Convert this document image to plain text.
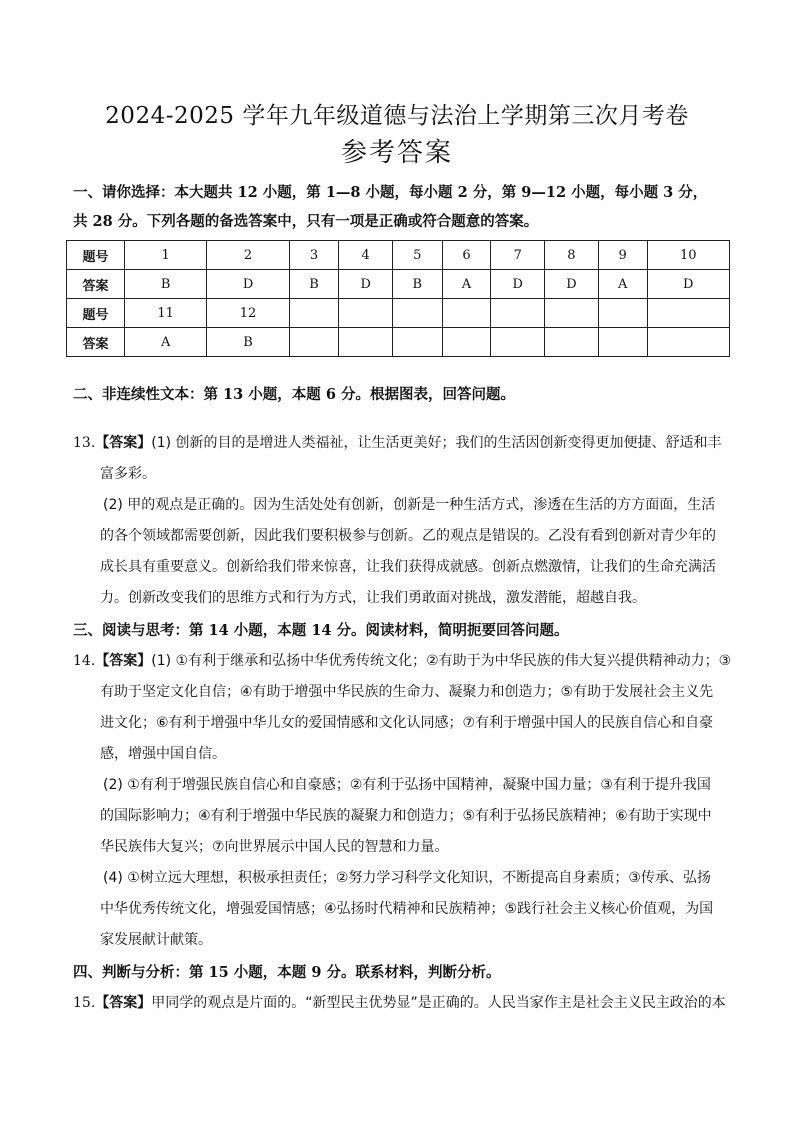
2024-2025 学年九年级道德与法治上学期第三次月考卷
参考答案
一、请你选择：本大题共 12 小题，第 1—8 小题，每小题 2 分，第 9—12 小题，每小题 3 分，
共 28 分。下列各题的备选答案中，只有一项是正确或符合题意的答案。
题号	1	2	3	4	5	6	7	8	9	10
答案	B	D	B	D	B	A	D	D	A	D
题号	11	12								
答案	A	B								
二、非连续性文本：第 13 小题，本题 6 分。根据图表，回答问题。
13.【答案】(1) 创新的目的是增进人类福祉，让生活更美好；我们的生活因创新变得更加便捷、舒适和丰
富多彩。
(2) 甲的观点是正确的。因为生活处处有创新，创新是一种生活方式，渗透在生活的方方面面，生活
的各个领域都需要创新，因此我们要积极参与创新。乙的观点是错误的。乙没有看到创新对青少年的
成长具有重要意义。创新给我们带来惊喜，让我们获得成就感。创新点燃激情，让我们的生命充满活
力。创新改变我们的思维方式和行为方式，让我们勇敢面对挑战，激发潜能，超越自我。
三、阅读与思考：第 14 小题，本题 14 分。阅读材料，简明扼要回答问题。
14.【答案】(1) ①有利于继承和弘扬中华优秀传统文化；②有助于为中华民族的伟大复兴提供精神动力；③
有助于坚定文化自信；④有助于增强中华民族的生命力、凝聚力和创造力；⑤有助于发展社会主义先
进文化；⑥有利于增强中华儿女的爱国情感和文化认同感；⑦有利于增强中国人的民族自信心和自豪
感，增强中国自信。
(2) ①有利于增强民族自信心和自豪感；②有利于弘扬中国精神，凝聚中国力量；③有利于提升我国
的国际影响力；④有利于增强中华民族的凝聚力和创造力；⑤有利于弘扬民族精神；⑥有助于实现中
华民族伟大复兴；⑦向世界展示中国人民的智慧和力量。
(4) ①树立远大理想，积极承担责任；②努力学习科学文化知识，不断提高自身素质；③传承、弘扬
中华优秀传统文化，增强爱国情感；④弘扬时代精神和民族精神；⑤践行社会主义核心价值观，为国
家发展献计献策。
四、判断与分析：第 15 小题，本题 9 分。联系材料，判断分析。
15.【答案】甲同学的观点是片面的。“新型民主优势显”是正确的。人民当家作主是社会主义民主政治的本
